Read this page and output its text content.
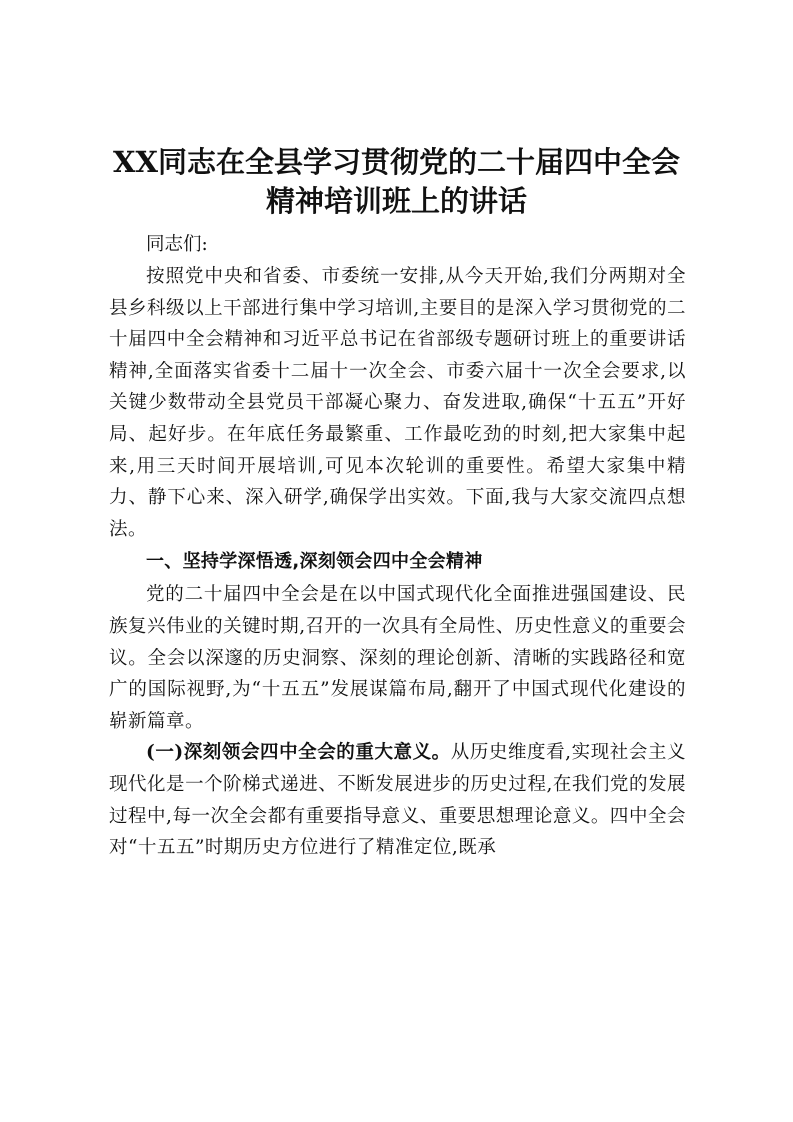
XX同志在全县学习贯彻党的二十届四中全会
精神培训班上的讲话

同志们:

按照党中央和省委、市委统一安排,从今天开始,我们分两期对全县乡科级以上干部进行集中学习培训,主要目的是深入学习贯彻党的二十届四中全会精神和习近平总书记在省部级专题研讨班上的重要讲话精神,全面落实省委十二届十一次全会、市委六届十一次全会要求,以关键少数带动全县党员干部凝心聚力、奋发进取,确保“十五五”开好局、起好步。在年底任务最繁重、工作最吃劲的时刻,把大家集中起来,用三天时间开展培训,可见本次轮训的重要性。希望大家集中精力、静下心来、深入研学,确保学出实效。下面,我与大家交流四点想法。

一、坚持学深悟透,深刻领会四中全会精神

党的二十届四中全会是在以中国式现代化全面推进强国建设、民族复兴伟业的关键时期,召开的一次具有全局性、历史性意义的重要会议。全会以深邃的历史洞察、深刻的理论创新、清晰的实践路径和宽广的国际视野,为“十五五”发展谋篇布局,翻开了中国式现代化建设的崭新篇章。

(一)深刻领会四中全会的重大意义。从历史维度看,实现社会主义现代化是一个阶梯式递进、不断发展进步的历史过程,在我们党的发展过程中,每一次全会都有重要指导意义、重要思想理论意义。四中全会对“十五五”时期历史方位进行了精准定位,既承
